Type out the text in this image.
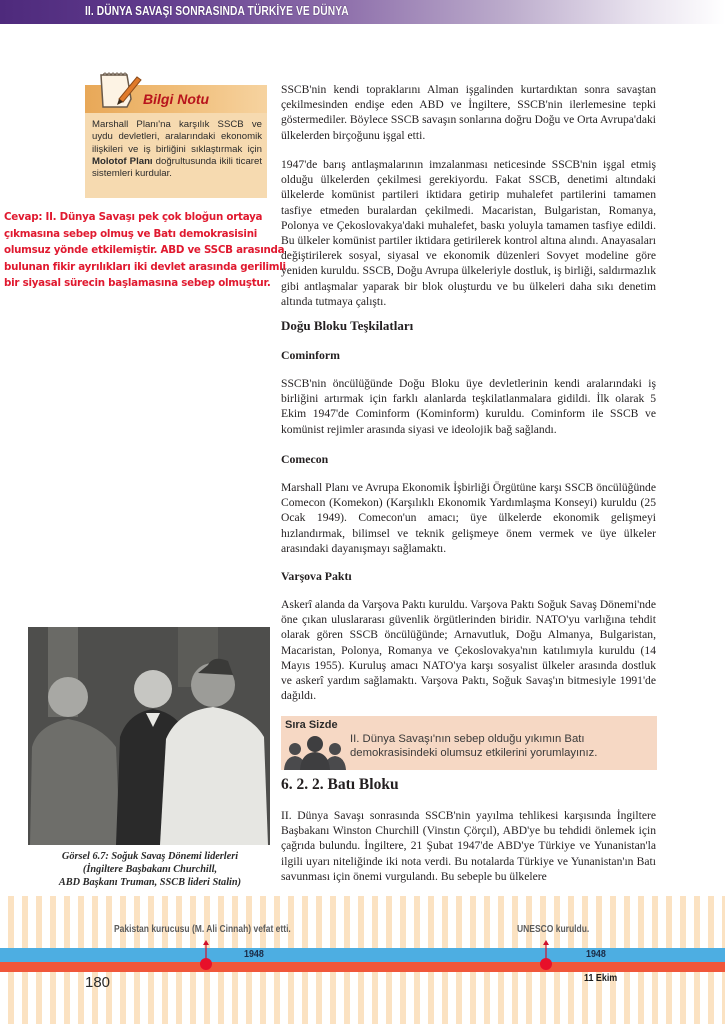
II. DÜNYA SAVAŞI SONRASINDA TÜRKİYE VE DÜNYA
Bilgi Notu
Marshall Planı'na karşılık SSCB ve uydu devletleri, aralarındaki ekonomik ilişkileri ve iş birliğini sıklaştırmak için Molotof Planı doğrultusunda ikili ticaret sistemleri kurdular.
Cevap: II. Dünya Savaşı pek çok bloğun ortaya
çıkmasına sebep olmuş ve Batı demokrasisini
olumsuz yönde etkilemiştir. ABD ve SSCB arasında
bulunan fikir ayrılıkları iki devlet arasında gerilimli
bir siyasal sürecin başlamasına sebep olmuştur.

SSCB'nin kendi topraklarını Alman işgalinden kurtardıktan sonra savaştan çekilmesinden endişe eden ABD ve İngiltere, SSCB'nin ilerlemesine tepki göstermediler. Böylece SSCB savaşın sonlarına doğru Doğu ve Orta Avrupa'daki ülkelerden birçoğunu işgal etti.

1947'de barış antlaşmalarının imzalanması neticesinde SSCB'nin işgal etmiş olduğu ülkelerden çekilmesi gerekiyordu. Fakat SSCB, denetimi altındaki ülkelerde komünist partileri iktidara getirip muhalefet partilerini tamamen tasfiye etmeden buralardan çekilmedi. Macaristan, Bulgaristan, Romanya, Polonya ve Çekoslovakya'daki muhalefet, baskı yoluyla tamamen tasfiye edildi. Bu ülkeler komünist partiler iktidara getirilerek kontrol altına alındı. Anayasaları değiştirilerek sosyal, siyasal ve ekonomik düzenleri Sovyet modeline göre yeniden kuruldu. SSCB, Doğu Avrupa ülkeleriyle dostluk, iş birliği, saldırmazlık gibi antlaşmalar yaparak bir blok oluşturdu ve bu ülkeleri daha sıkı denetim altında tutmaya çalıştı.

Doğu Bloku Teşkilatları
Cominform

SSCB'nin öncülüğünde Doğu Bloku üye devletlerinin kendi aralarındaki iş birliğini artırmak için farklı alanlarda teşkilatlanmalara gidildi. İlk olarak 5 Ekim 1947'de Cominform (Kominform) kuruldu. Cominform ile SSCB ve komünist rejimler arasında siyasi ve ideolojik bağ sağlandı.

Comecon

Marshall Planı ve Avrupa Ekonomik İşbirliği Örgütüne karşı SSCB öncülüğünde Comecon (Komekon) (Karşılıklı Ekonomik Yardımlaşma Konseyi) kuruldu (25 Ocak 1949). Comecon'un amacı; üye ülkelerde ekonomik gelişmeyi hızlandırmak, bilimsel ve teknik gelişmeye önem vermek ve üye ülkeler arasındaki dayanışmayı sağlamaktı.

Varşova Paktı

Askerî alanda da Varşova Paktı kuruldu. Varşova Paktı Soğuk Savaş Dönemi'nde öne çıkan uluslararası güvenlik örgütlerinden biridir. NATO'yu varlığına tehdit olarak gören SSCB öncülüğünde; Arnavutluk, Doğu Almanya, Bulgaristan, Macaristan, Polonya, Romanya ve Çekoslovakya'nın katılımıyla kuruldu (14 Mayıs 1955). Kuruluş amacı NATO'ya karşı sosyalist ülkeler arasında dostluk ve askerî yardım sağlamaktı. Varşova Paktı, Soğuk Savaş'ın bitmesiyle 1991'de dağıldı.

Sıra Sizde
II. Dünya Savaşı'nın sebep olduğu yıkımın Batı demokrasisindeki olumsuz etkilerini yorumlayınız.
6. 2. 2. Batı Bloku

II. Dünya Savaşı sonrasında SSCB'nin yayılma tehlikesi karşısında İngiltere Başbakanı Winston Churchill (Vinstın Çörçıl), ABD'ye bu tehdidi önlemek için çağrıda bulundu. İngiltere, 21 Şubat 1947'de ABD'ye Türkiye ve Yunanistan'la ilgili uyarı niteliğinde iki nota verdi. Bu notalarda Türkiye ve Yunanistan'ın Batı savunması için önemi vurgulandı. Bu sebeple bu ülkelere

Görsel 6.7: Soğuk Savaş Dönemi liderleri
(İngiltere Başbakanı Churchill,
ABD Başkanı Truman, SSCB lideri Stalin)
Pakistan kurucusu (M. Ali Cinnah) vefat etti.
1948
UNESCO kuruldu.
1948
11 Ekim
180
